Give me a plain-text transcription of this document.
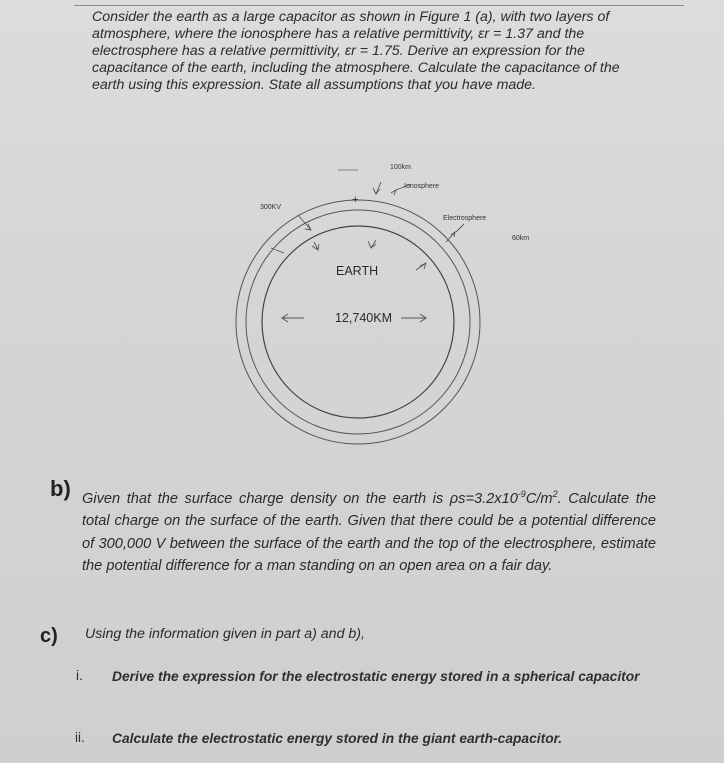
Consider the earth as a large capacitor as shown in Figure 1 (a), with two layers of atmosphere, where the ionosphere has a relative permittivity, εr = 1.37 and the electrosphere has a relative permittivity, εr = 1.75. Derive an expression for the capacitance of the earth, including the atmosphere. Calculate the capacitance of the earth using this expression. State all assumptions that you have made.
100km
Ionosphere
Electrosphere
60km
300KV
+
EARTH
12,740KM
b) Given that the surface charge density on the earth is $\rho s=3.2x10^{-9}C/m^2$. Calculate the total charge on the surface of the earth. Given that there could be a potential difference of 300,000 V between the surface of the earth and the top of the electrosphere, estimate the potential difference for a man standing on an open area on a fair day.
c) Using the information given in part a) and b),
i. Derive the expression for the electrostatic energy stored in a spherical capacitor
ii. Calculate the electrostatic energy stored in the giant earth-capacitor.
